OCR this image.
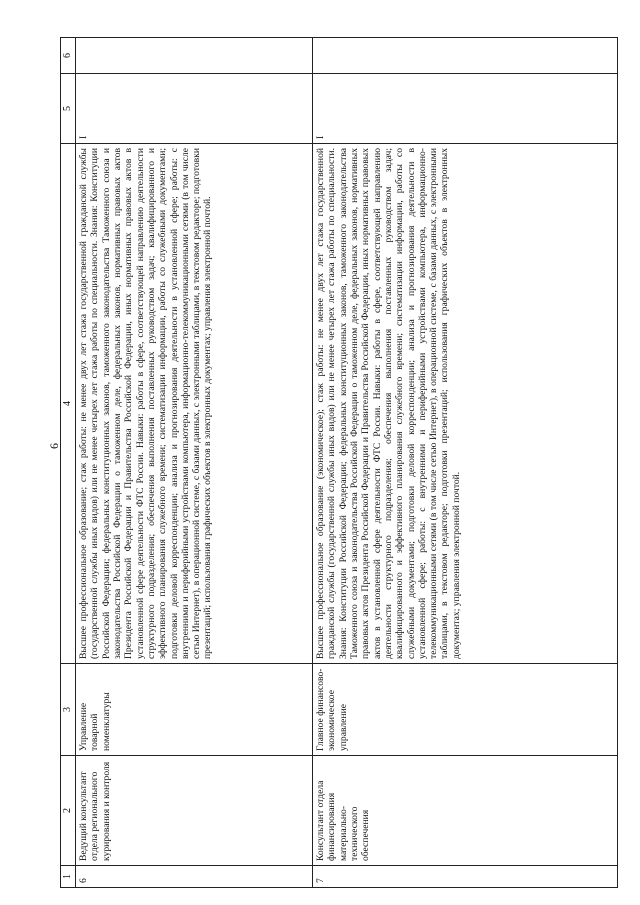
6
1	2	3	4	5	6
6	Ведущий консультант отдела регионального курирования и контроля	Управление товарной номенклатуры	Высшее профессиональное образование; стаж работы: не менее двух лет стажа государственной гражданской службы (государственной службы иных видов) или не менее четырех лет стажа работы по специальности. Знания: Конституции Российской Федерации; федеральных конституционных законов, таможенного законодательства Таможенного союза и законодательства Российской Федерации о таможенном деле, федеральных законов, нормативных правовых актов Президента Российской Федерации и Правительства Российской Федерации, иных нормативных правовых актов в установленной сфере деятельности ФТС России. Навыки: работы в сфере, соответствующей направлению деятельности структурного подразделения; обеспечения выполнения поставленных руководством задач; квалифицированного и эффективного планирования служебного времени; систематизации информации, работы со служебными документами; подготовки деловой корреспонденции; анализа и прогнозирования деятельности в установленной сфере; работы: с внутренними и периферийными устройствами компьютера, информационно-телекоммуникационными сетями (в том числе сетью Интернет), в операционной системе, с базами данных, с электронными таблицами, в текстовом редакторе; подготовки презентаций; использования графических объектов в электронных документах; управления электронной почтой.	I	
7	Консультант отдела финансирования материально-технического обеспечения	Главное финансово-экономическое управление	Высшее профессиональное образование (экономическое); стаж работы: не менее двух лет стажа государственной гражданской службы (государственной службы иных видов) или не менее четырех лет стажа работы по специальности. Знания: Конституции Российской Федерации; федеральных конституционных законов, таможенного законодательства Таможенного союза и законодательства Российской Федерации о таможенном деле, федеральных законов, нормативных правовых актов Президента Российской Федерации и Правительства Российской Федерации, иных нормативных правовых актов в установленной сфере деятельности ФТС России. Навыки: работы в сфере, соответствующей направлению деятельности структурного подразделения; обеспечения выполнения поставленных руководством задач; квалифицированного и эффективного планирования служебного времени; систематизации информации, работы со служебными документами; подготовки деловой корреспонденции; анализа и прогнозирования деятельности в установленной сфере; работы: с внутренними и периферийными устройствами компьютера, информационно-телекоммуникационными сетями (в том числе сетью Интернет), в операционной системе, с базами данных, с электронными таблицами, в текстовом редакторе; подготовки презентаций; использования графических объектов в электронных документах; управления электронной почтой.	I	
